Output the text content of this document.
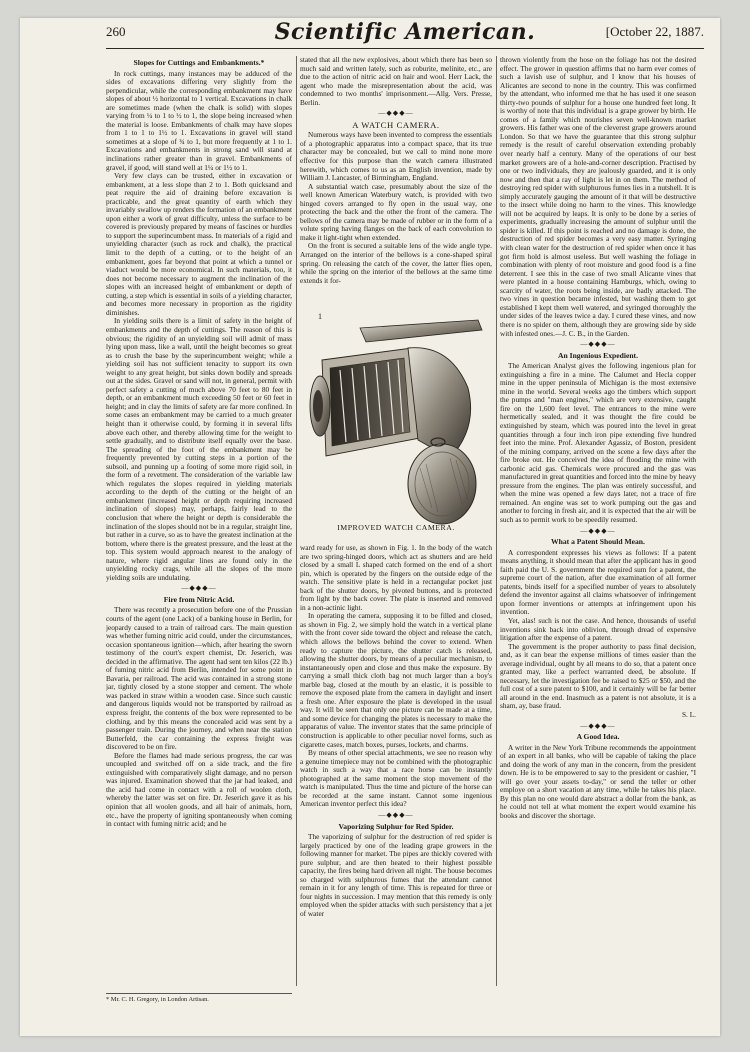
260	Scientific American.	[October 22, 1887.

Slopes for Cuttings and Embankments.*

In rock cuttings, many instances may be adduced of the sides of excavations differing very slightly from the perpendicular, while the corresponding embankment may have slopes of about ½ horizontal to 1 vertical. Excavations in chalk are sometimes made (when the chalk is solid) with slopes varying from ¼ to 1 to ½ to 1, the slope being increased when the material is loose. Embankments of chalk may have slopes from 1 to 1 to 1½ to 1. Excavations in gravel will stand sometimes at a slope of ¾ to 1, but more frequently at 1 to 1. Excavations and embankments in strong sand will stand at inclinations rather greater than in gravel. Embankments of gravel, if good, will stand well at 1¼ or 1½ to 1.

Very few clays can be trusted, either in excavation or embankment, at a less slope than 2 to 1. Both quicksand and peat require the aid of draining before excavation is practicable, and the great quantity of earth which they invariably swallow up renders the formation of an embankment upon either a work of great difficulty, unless the surface to be covered is previously prepared by means of fascines or hurdles to support the superincumbent mass. In materials of a rigid and unyielding character (such as rock and chalk), the practical limit to the depth of a cutting, or to the height of an embankment, goes far beyond that point at which a tunnel or viaduct would be more economical. In such materials, too, it does not become necessary to augment the inclination of the slopes with an increased height of embankment or depth of cutting, a step which is essential in soils of a yielding character, and becomes more necessary in proportion as the rigidity diminishes.

In yielding soils there is a limit of safety in the height of embankments and the depth of cuttings. The reason of this is obvious; the rigidity of an unyielding soil will admit of mass lying upon mass, like a wall, until the height becomes so great as to crush the base by the superincumbent weight; while a yielding soil has not sufficient tenacity to support its own weight to any great height, but sinks down bodily and spreads out at the sides. Gravel or sand will not, in general, permit with perfect safety a cutting of much above 70 feet to 80 feet in depth, or an embankment much exceeding 50 feet or 60 feet in height; and in clay the limits of safety are far more confined. In some cases an embankment may be carried to a much greater height than it otherwise could, by forming it in several lifts above each other, and thereby allowing time for the weight to settle gradually, and to distribute itself equally over the base. The spreading of the foot of the embankment may be frequently prevented by cutting steps in a portion of the subsoil, and punning up a footing of some more rigid soil, in the form of a revetment. The consideration of the variable law which regulates the slopes required in yielding materials according to the depth of the cutting or the height of an embankment (increased height or depth requiring increased inclination of slopes) may, perhaps, fairly lead to the conclusion that where the height or depth is considerable the inclination of the slopes should not be in a regular, straight line, but rather in a curve, so as to have the greatest inclination at the bottom, where there is the greatest pressure, and the least at the top. This system would approach nearest to the analogy of nature, where rigid angular lines are found only in the unyielding rocky crags, while all the slopes of the more yielding soils are undulating.

—◆◆◆—

Fire from Nitric Acid.

There was recently a prosecution before one of the Prussian courts of the agent (one Lack) of a banking house in Berlin, for jeopardy caused to a train of railroad cars. The main question was whether fuming nitric acid could, under the circumstances, occasion spontaneous ignition—which, after hearing the sworn testimony of the court's expert chemist, Dr. Jeserich, was decided in the affirmative. The agent had sent ten kilos (22 lb.) of fuming nitric acid from Berlin, intended for some point in Bavaria, per railroad. The acid was contained in a strong stone jar, tightly closed by a stone stopper and cement. The whole was packed in straw within a wooden case. Since such caustic and dangerous liquids would not be transported by railroad as express freight, the contents of the box were represented to be clothing, and by this means the concealed acid was sent by a passenger train. During the journey, and when near the station Butterfeld, the car containing the express freight was discovered to be on fire.

Before the flames had made serious progress, the car was uncoupled and switched off on a side track, and the fire extinguished with comparatively slight damage, and no person was injured. Examination showed that the jar had leaked, and the acid had come in contact with a roll of woolen cloth, whereby the latter was set on fire. Dr. Jeserich gave it as his opinion that all woolen goods, and all hair of animals, horn, etc., have the property of igniting spontaneously when coming in contact with fuming nitric acid; and he

* Mr. C. H. Gregory, in London Artisan.

stated that all the new explosives, about which there has been so much said and written lately, such as roburite, melinite, etc., are due to the action of nitric acid on hair and wool. Herr Lack, the agent who made the misrepresentation about the acid, was condemned to two months' imprisonment.—Allg. Vers. Presse, Berlin.

—◆◆◆—

A WATCH CAMERA.

Numerous ways have been invented to compress the essentials of a photographic apparatus into a compact space, that its true character may be concealed, but we call to mind none more effective for this purpose than the watch camera illustrated herewith, which comes to us as an English invention, made by William J. Lancaster, of Birmingham, England.

A substantial watch case, presumably about the size of the well known American Waterbury watch, is provided with two hinged covers arranged to fly open in the usual way, one protecting the back and the other the front of the camera. The bellows of the camera may be made of rubber or in the form of a volute spring having flanges on the back of each convolution to make it light-tight when extended.

On the front is secured a suitable lens of the wide angle type. Arranged on the interior of the bellows is a cone-shaped spiral spring. On releasing the catch of the cover, the latter flies open, while the spring on the interior of the bellows at the same time extends it for-

1
IMPROVED WATCH CAMERA.

ward ready for use, as shown in Fig. 1. In the body of the watch are two spring-hinged doors, which act as shutters and are held closed by a small L shaped catch formed on the end of a short pin, which is operated by the fingers on the outside edge of the watch. The sensitive plate is held in a rectangular pocket just back of the shutter doors, by pivoted buttons, and is protected from light by the back cover. The plate is inserted and removed in a non-actinic light.

In operating the camera, supposing it to be filled and closed, as shown in Fig. 2, we simply hold the watch in a vertical plane with the front cover side toward the object and release the catch, which allows the bellows behind the cover to extend. When ready to capture the picture, the shutter catch is released, allowing the shutter doors, by means of a peculiar mechanism, to instantaneously open and close and thus make the exposure. By carrying a small thick cloth bag not much larger than a boy's marble bag, closed at the mouth by an elastic, it is possible to remove the exposed plate from the camera in daylight and insert a fresh one. After exposure the plate is developed in the usual way. It will be seen that only one picture can be made at a time, and some device for changing the plates is necessary to make the apparatus of value. The inventor states that the same principle of construction is applicable to other peculiar novel forms, such as cigarette cases, match boxes, purses, lockets, and charms.

By means of other special attachments, we see no reason why a genuine timepiece may not be combined with the photographic watch in such a way that a race horse can be instantly photographed at the same moment the stop movement of the watch is manipulated. Thus the time and picture of the horse can be recorded at the same instant. Cannot some ingenious American inventor perfect this idea?

—◆◆◆—

Vaporizing Sulphur for Red Spider.

The vaporizing of sulphur for the destruction of red spider is largely practiced by one of the leading grape growers in the following manner for market. The pipes are thickly covered with pure sulphur, and are then heated to their highest possible capacity, the fires being hard driven all night. The house becomes so charged with sulphurous fumes that the attendant cannot remain in it for any length of time. This is repeated for three or four nights in succession. I may mention that this remedy is only employed when the spider attacks with such persistency that a jet of water

thrown violently from the hose on the foliage has not the desired effect. The grower in question affirms that no harm ever comes of such a lavish use of sulphur, and I know that his houses of Alicantes are second to none in the country. This was confirmed by the attendant, who informed me that he has used it one season thirty-two pounds of sulphur for a house one hundred feet long. It is worthy of note that this individual is a grape grower by birth. He comes of a family which nourishes seven well-known market growers. His father was one of the cleverest grape growers around London. So that we have the guarantee that this strong sulphur remedy is the result of careful observation extending probably over nearly half a century. Many of the operations of our best market growers are of a hole-and-corner description. Practised by one or two individuals, they are jealously guarded, and it is only now and then that a ray of light is let in on them. The method of destroying red spider with sulphurous fumes lies in a nutshell. It is simply accurately gauging the amount of it that will be destructive to the insect while doing no harm to the vines. This knowledge will not be acquired by leaps. It is only to be done by a series of experiments, gradually increasing the amount of sulphur until the spider is killed. If this point is reached and no damage is done, the destruction of red spider becomes a very easy matter. Syringing with clean water for the destruction of red spider when once it has got firm hold is almost useless. But well washing the foliage in combination with plenty of root moisture and good food is a fine deterrent. I see this in the case of two small Alicante vines that were planted in a house containing Hamburgs, which, owing to scarcity of water, the roots being inside, are badly attacked. The two vines in question became infested, but washing them to get established I kept them well watered, and syringed thoroughly the under sides of the leaves twice a day. I cured these vines, and now there is no spider on them, although they are growing side by side with infested ones.—J. C. B., in the Garden.

—◆◆◆—

An Ingenious Expedient.

The American Analyst gives the following ingenious plan for extinguishing a fire in a mine. The Calumet and Hecla copper mine in the upper peninsula of Michigan is the most extensive mine in the world. Several weeks ago the timbers which support the pumps and "man engines," which are very extensive, caught fire on the 1,600 feet level. The entrances to the mine were hermetically sealed, and it was thought the fire could be extinguished by steam, which was poured into the level in great quantities through a four inch iron pipe extending five hundred feet into the mine. Prof. Alexander Agassiz, of Boston, president of the mining company, arrived on the scene a few days after the fire broke out. He conceived the idea of flooding the mine with carbonic acid gas. Chemicals were procured and the gas was manufactured in great quantities and forced into the mine by heavy pressure from the engines. The plan was entirely successful, and when the mine was opened a few days later, not a trace of fire remained. An engine was set to work pumping out the gas and another to forcing in fresh air, and it is expected that the air will be such as to permit work to be speedily resumed.

—◆◆◆—

What a Patent Should Mean.

A correspondent expresses his views as follows: If a patent means anything, it should mean that after the applicant has in good faith paid the U. S. government the required sum for a patent, the supreme court of the nation, after due examination of all former patents, binds itself for a specified number of years to absolutely defend the inventor against all claims whatsoever of infringement upon former inventions or attempts at infringement upon his invention.

Yet, alas! such is not the case. And hence, thousands of useful inventions sink back into oblivion, through dread of expensive litigation after the expense of a patent.

The government is the proper authority to pass final decision, and, as it can bear the expense millions of times easier than the average individual, ought by all means to do so, that a patent once granted may, like a perfect warranted deed, be absolute. If necessary, let the investigation fee be raised to $25 or $50, and the full cost of a sure patent to $100, and it certainly will be far better all around in the end. Inasmuch as a patent is not absolute, it is a sham, ay, base fraud.

S. L.

—◆◆◆—

A Good Idea.

A writer in the New York Tribune recommends the appointment of an expert in all banks, who will be capable of taking the place and doing the work of any man in the concern, from the president down. He is to be empowered to say to the president or cashier, "I will go over your assets to-day," or send the teller or other employe on a short vacation at any time, while he takes his place. By this plan no one would dare abstract a dollar from the bank, as he could not tell at what moment the expert would examine his books and discover the shortage.
